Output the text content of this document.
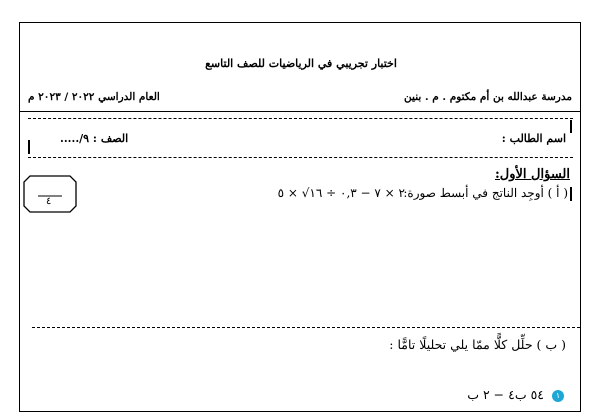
اختبار تجريبي في الرياضيات للصف التاسع
مدرسة عبدالله بن أم مكتوم . م . بنين
العام الدراسي ٢٠٢٢ / ٢٠٢٣ م
اسم الطالب :
الصف : ٩/.....
السؤال الأول:
( أ ) أوجِد الناتج في أبسط صورة:
٢ × ٧ − ٠,٣ ÷ ١٦√ × ٥
٤
( ب ) حلِّل كلًّا ممّا يلي تحليلًا تامًّا :
١٥٤ ب٤ − ٢ ب
